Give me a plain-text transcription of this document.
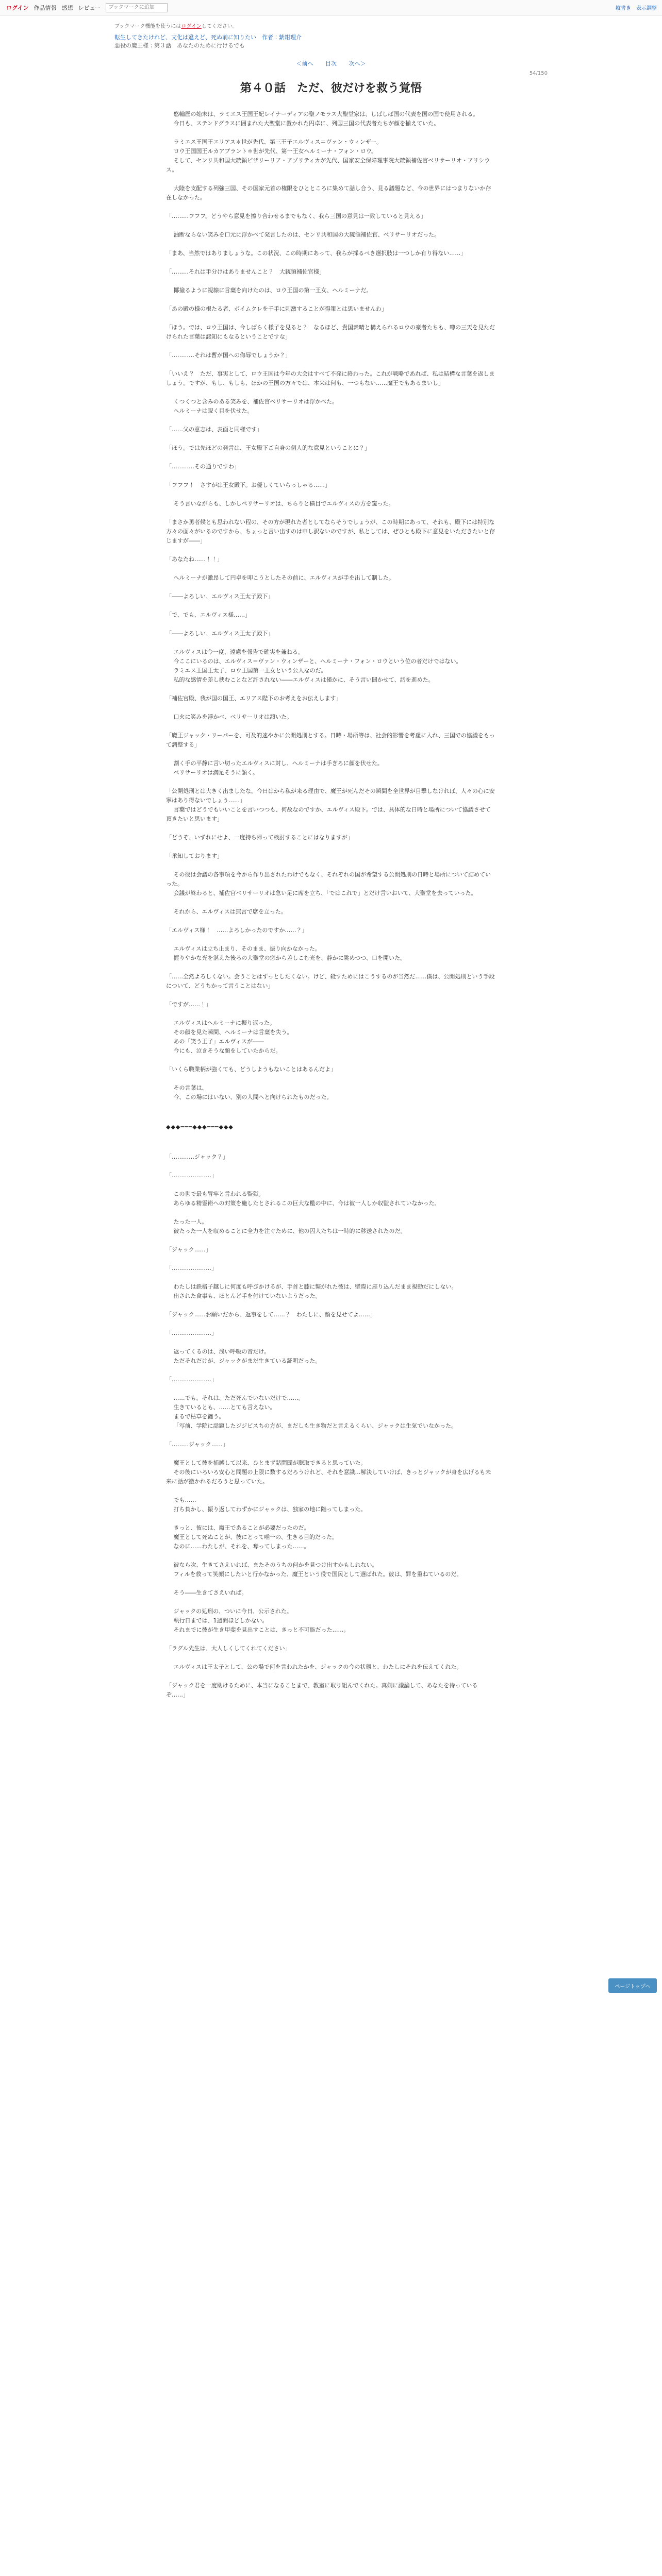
ログイン 作品情報 感想 レビュー
ブックマークに追加	縦書き 表示調整
ブックマーク機能を使うにはログインしてください。
転生してきたけれど、文化は違えど、死ぬ前に知りたい　作者：紫紺理介
悪役の魔王様：第３話　あなたのために行けるでも
＜前へ 目次 次へ＞
54/150
第４０話　ただ、彼だけを救う覚悟
　 悠輪歴の始末は、ラミエス王国王妃レイナーディアの聖ノモラス大聖堂家は、しばしば国の代表を国の国で使用される。
　 今日も、ステンドグラスに囲まれた大聖堂に置かれた円卓に、列国三国の代表者たちが顔を揃えていた。
　 ラミエス王国王エリアス＊世が先代、第三王子エルヴィス＝ヴァン・ウィンザー。
　 ロウ王国国王ルカアブラント＊世が先代、第一王女ヘルミーナ・フォン・ロウ。
　 そして、センリ共和国大統領ピザリーリア・アゾリティカが先代、国家安全保障理事院大統領補佐官ベリサーリオ・アリシウス。
　 大陸を支配する列強三国、その国家元首の権限をひとところに集めて話し合う、見る議題など、今の世界にはつまりないか存在しなかった。
「………フフフ。どうやら意見を擦り合わせるまでもなく、我ら三国の意見は一致していると見える」
　 油断ならない笑みを口元に浮かべて発言したのは、センリ共和国の大統領補佐官、ベリサーリオだった。
「まあ、当然ではありましょうな。この状況、この時期にあって、我らが採るべき選択肢は一つしか有り得ない……」
「………それは手分けはありませんこと？　大統領補佐官様」
　 揶揄るように視線に言葉を向けたのは、ロウ王国の第一王女、ヘルミーナだ。
「あの殿の様の根たる者、ボイムクレを千手に刺激することが得策とは思いませんわ」
「ほう。では、ロウ王国は、今しばらく様子を見ると？　なるほど、貴国素晴と構えられるロウの豪者たちも、噂の三天を見ただけられた言葉は認知にもなるということですな」
「…………それは暫が国への侮辱でしょうか？」
「いいえ？　ただ、事実として、ロウ王国は今年の大会はすべて不発に終わった。これが戦略であれば、私は結構な言葉を返しましょう。ですが、もし、もしも、ほかの王国の方々では、本来は何も、一つもない……魔王でもあるまいし」
　 くつくつと含みのある笑みを、補佐官ベリサーリオは浮かべた。
　 ヘルミーナは睨く目を伏せた。
「……父の意志は、表面と同様です」
「ほう。では先ほどの発言は、王女殿下ご自身の個人的な意見ということに？」
「…………その通りですわ」
「フフフ！　さすがは王女殿下。お優しくていらっしゃる……」
　 そう言いながらも、しかしベリサーリオは、ちらりと横目でエルヴィスの方を窺った。
「まさか勇者候とも思われない程の、その方が現れた者としてならそうでしょうが、この時期にあって、それも、殿下には特別な方々の面々がいるのですから、ちょっと言い出すのは申し訳ないのですが、私としては、ぜひとも殿下に意見をいただきたいと存じますが――」
「あなたね……！！」
　 ヘルミーナが激昂して円卓を叩こうとしたその前に、エルヴィスが手を出して制した。
「――よろしい、エルヴィス王太子殿下」
「で、でも、エルヴィス様……」
「――よろしい、エルヴィス王太子殿下」
　 エルヴィスは今一度、遠慮を報告で確実を兼ねる。
　 今ここにいるのは、エルヴィス＝ヴァン・ウィンザーと、ヘルミーナ・フォン・ロウという位の者だけではない。
　 ラミエス王国王太子、ロウ王国第一王女という公人なのだ。
　 私的な感情を差し挟むことなど許されない――エルヴィスは僅かに、そう言い聞かせて、話を進めた。
「補佐官殿、我が国の国王、エリアス陛下のお考えをお伝えします」
　 口火に笑みを浮かべ、ベリサーリオは頷いた。
「魔王ジャック・リーパーを、可及的速やかに公開処刑とする。日時・場所等は、社会的影響を考慮に入れ、三国での協議をもって調整する」
　 割く手の平静に言い切ったエルヴィスに対し、ヘルミーナは手ぎろに顔を伏せた。
　 ベリサーリオは満足そうに頷く。
「公開処刑とは大きく出ましたな。今日はから私が来る理由で、魔王が死んだその瞬間を全世界が目撃しなければ、人々の心に安寧はあり得ないでしょう……」
　 言葉ではどうでもいいことを言いつつも、何故なのですか、エルヴィス殿下。では、具体的な日時と場所について協議させて頂きたいと思います」
「どうぞ、いずれにせよ、一度持ち帰って検討することにはなりますが」
「承知しております」
　 その後は会議の各事項を今から作り出されたわけでもなく、それぞれの国が希望する公開処刑の日時と場所について詰めていった。
　 会議が終わると、補佐官ベリサーリオは急い足に席を立ち、「ではこれで」とだけ言いおいて、大聖堂を去っていった。
　 それから、エルヴィスは無言で席を立った。
「エルヴィス様！　……よろしかったのですか……？」
　 エルヴィスは立ち止まり、そのまま、振り向かなかった。
　 握りやかな光を湛えた後ろの大聖堂の窓から差しこむ光を、静かに眺めつつ、口を開いた。
「……全然よろしくない。会うことはずっとしたくない。けど、殺すためにはこうするのが当然だ……僕は、公開処刑という手段について、どうちかって言うことはない」
「ですが……！」
　 エルヴィスはヘルミーナに振り返った。
　 その顔を見た瞬間、ヘルミーナは言葉を失う。
　 あの「笑う王子」エルヴィスが――
　 今にも、泣きそうな顔をしていたからだ。
「いくら職業柄が強くても、どうしようもないことはあるんだよ」
　 その言葉は、
　 今、この場にはいない、別の人間へと向けられたものだった。
◆◆◆━━━◆◆◆━━━◆◆◆
「…………ジャック？」
「…………………」
　 この世で最も冒牢と言われる監獄。
　 あらゆる精霊術への対策を施したとされるこの巨大な檻の中に、今は彼一人しか収監されていなかった。
　 たった一人。
　 彼たった一人を収めることに全力を注ぐために、他の囚人たちは一時的に移送されたのだ。
「ジャック……」
「…………………」
　 わたしは鉄格子越しに何度も呼びかけるが、手首と膝に繋がれた彼は、壁際に座り込んだまま視動だにしない。
　 出された食事も、ほとんど手を付けていないようだった。
「ジャック……お願いだから、返事をして……？　わたしに、顔を見せてよ……」
「…………………」
　 返ってくるのは、浅い呼吸の音だけ。
　 ただそれだけが、ジャックがまだ生きている証明だった。
「…………………」
　 ……でも。それは、ただ死んでいないだけで……。
　 生きているとも、……とても言えない。
　 まるで枯草を纏う。
　 「写前、学院に話題したジジビスちの方が、まだしも生き物だと言えるくらい、ジャックは生気でいなかった。
「………ジャック……」
　 魔王として彼を捕縛して以来、ひとまず話問聞が聴取できると思っていた。
　 その後にいろいろ安心と問題の上限に数するだろうけれど、それを意識…解決していけば、きっとジャックが身を広げるも未来に話が撤かれるだろうと思っていた。
　 でも……
　 打ち負かし、振り返してわずかにジャックは、独家の地に陥ってしまった。
　 きっと、彼には、魔王であることが必要だったのだ。
　 魔王として死ぬことが、彼にとって唯一の、生きる目的だった。
　 なのに……わたしが、それを、奪ってしまった……。
　 彼なら次、生きてさえいれば、またそのうちの何かを見つけ出すかもしれない。
　 フィルを救って笑顔にしたいと行かなかった、魔王という役で国民として選ばれた。彼は、罪を重ねているのだ。
　 そう――生きてさえいれば。
　 ジャックの処刑の、ついに今日、公示された。
　 執行日までは、1週間ほどしかない。
　 それまでに彼が生き甲斐を見出すことは、きっと不可能だった……。
「ラグル先生は、大人しくしてくれてください」
　 エルヴィスは王太子として、公の場で何を言われたかを、ジャックの今の状態と、わたしにそれを伝えてくれた。
「ジャック君を一度助けるために、本当になることまで、教室に取り組んでくれた。真剣に議論して、あなたを待っているぞ……」
ページトップへ
